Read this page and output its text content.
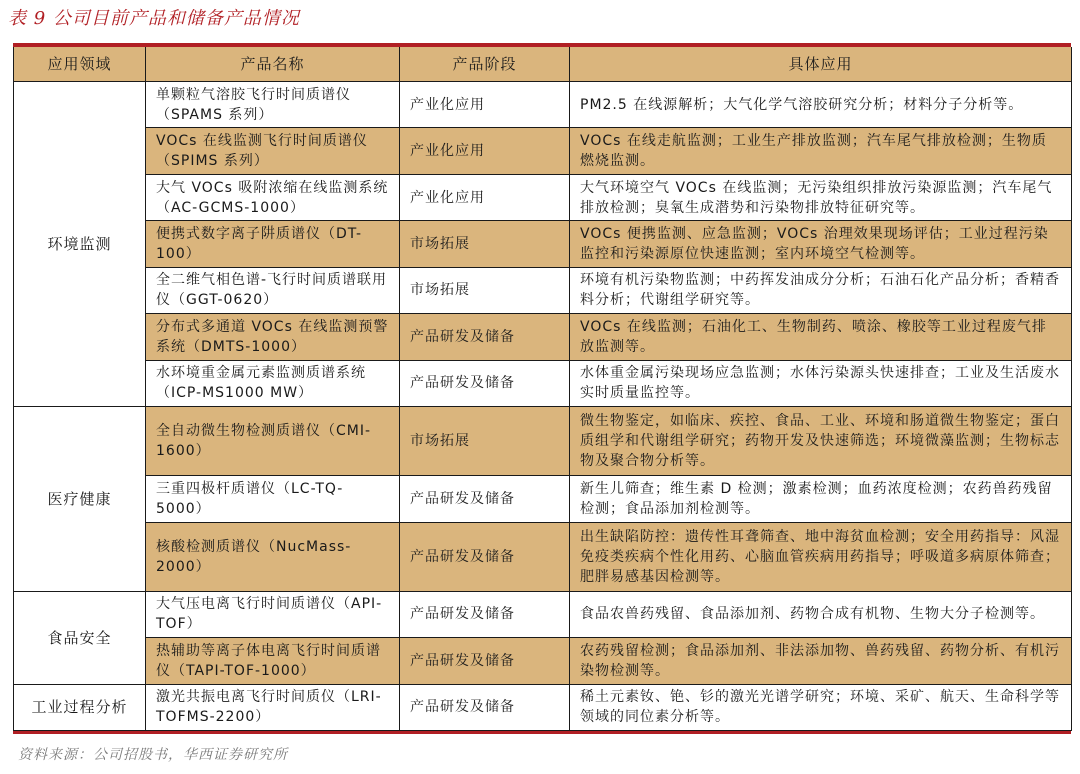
表 9 公司目前产品和储备产品情况
应用领域	产品名称	产品阶段	具体应用
环境监测	单颗粒气溶胶飞行时间质谱仪（SPAMS 系列）	产业化应用	PM2.5 在线源解析；大气化学气溶胶研究分析；材料分子分析等。
	VOCs 在线监测飞行时间质谱仪（SPIMS 系列）	产业化应用	VOCs 在线走航监测；工业生产排放监测；汽车尾气排放检测；生物质燃烧监测。
	大气 VOCs 吸附浓缩在线监测系统（AC-GCMS-1000）	产业化应用	大气环境空气 VOCs 在线监测；无污染组织排放污染源监测；汽车尾气排放检测；臭氧生成潜势和污染物排放特征研究等。
	便携式数字离子阱质谱仪（DT-100）	市场拓展	VOCs 便携监测、应急监测；VOCs 治理效果现场评估；工业过程污染监控和污染源原位快速监测；室内环境空气检测等。
	全二维气相色谱-飞行时间质谱联用仪（GGT-0620）	市场拓展	环境有机污染物监测；中药挥发油成分分析；石油石化产品分析；香精香料分析；代谢组学研究等。
	分布式多通道 VOCs 在线监测预警系统（DMTS-1000）	产品研发及储备	VOCs 在线监测；石油化工、生物制药、喷涂、橡胶等工业过程废气排放监测等。
	水环境重金属元素监测质谱系统（ICP-MS1000 MW）	产品研发及储备	水体重金属污染现场应急监测；水体污染源头快速排查；工业及生活废水实时质量监控等。
医疗健康	全自动微生物检测质谱仪（CMI-1600）	市场拓展	微生物鉴定，如临床、疾控、食品、工业、环境和肠道微生物鉴定；蛋白质组学和代谢组学研究；药物开发及快速筛选；环境微藻监测；生物标志物及聚合物分析等。
	三重四极杆质谱仪（LC-TQ-5000）	产品研发及储备	新生儿筛查；维生素 D 检测；激素检测；血药浓度检测；农药兽药残留检测；食品添加剂检测等。
	核酸检测质谱仪（NucMass-2000）	产品研发及储备	出生缺陷防控：遗传性耳聋筛查、地中海贫血检测；安全用药指导：风湿免疫类疾病个性化用药、心脑血管疾病用药指导；呼吸道多病原体筛查；肥胖易感基因检测等。
食品安全	大气压电离飞行时间质谱仪（API-TOF）	产品研发及储备	食品农兽药残留、食品添加剂、药物合成有机物、生物大分子检测等。
	热辅助等离子体电离飞行时间质谱仪（TAPI-TOF-1000）	产品研发及储备	农药残留检测；食品添加剂、非法添加物、兽药残留、药物分析、有机污染物检测等。
工业过程分析	激光共振电离飞行时间质仪（LRI-TOFMS-2200）	产品研发及储备	稀土元素钕、铯、钐的激光光谱学研究；环境、采矿、航天、生命科学等领域的同位素分析等。
资料来源：公司招股书，华西证券研究所
